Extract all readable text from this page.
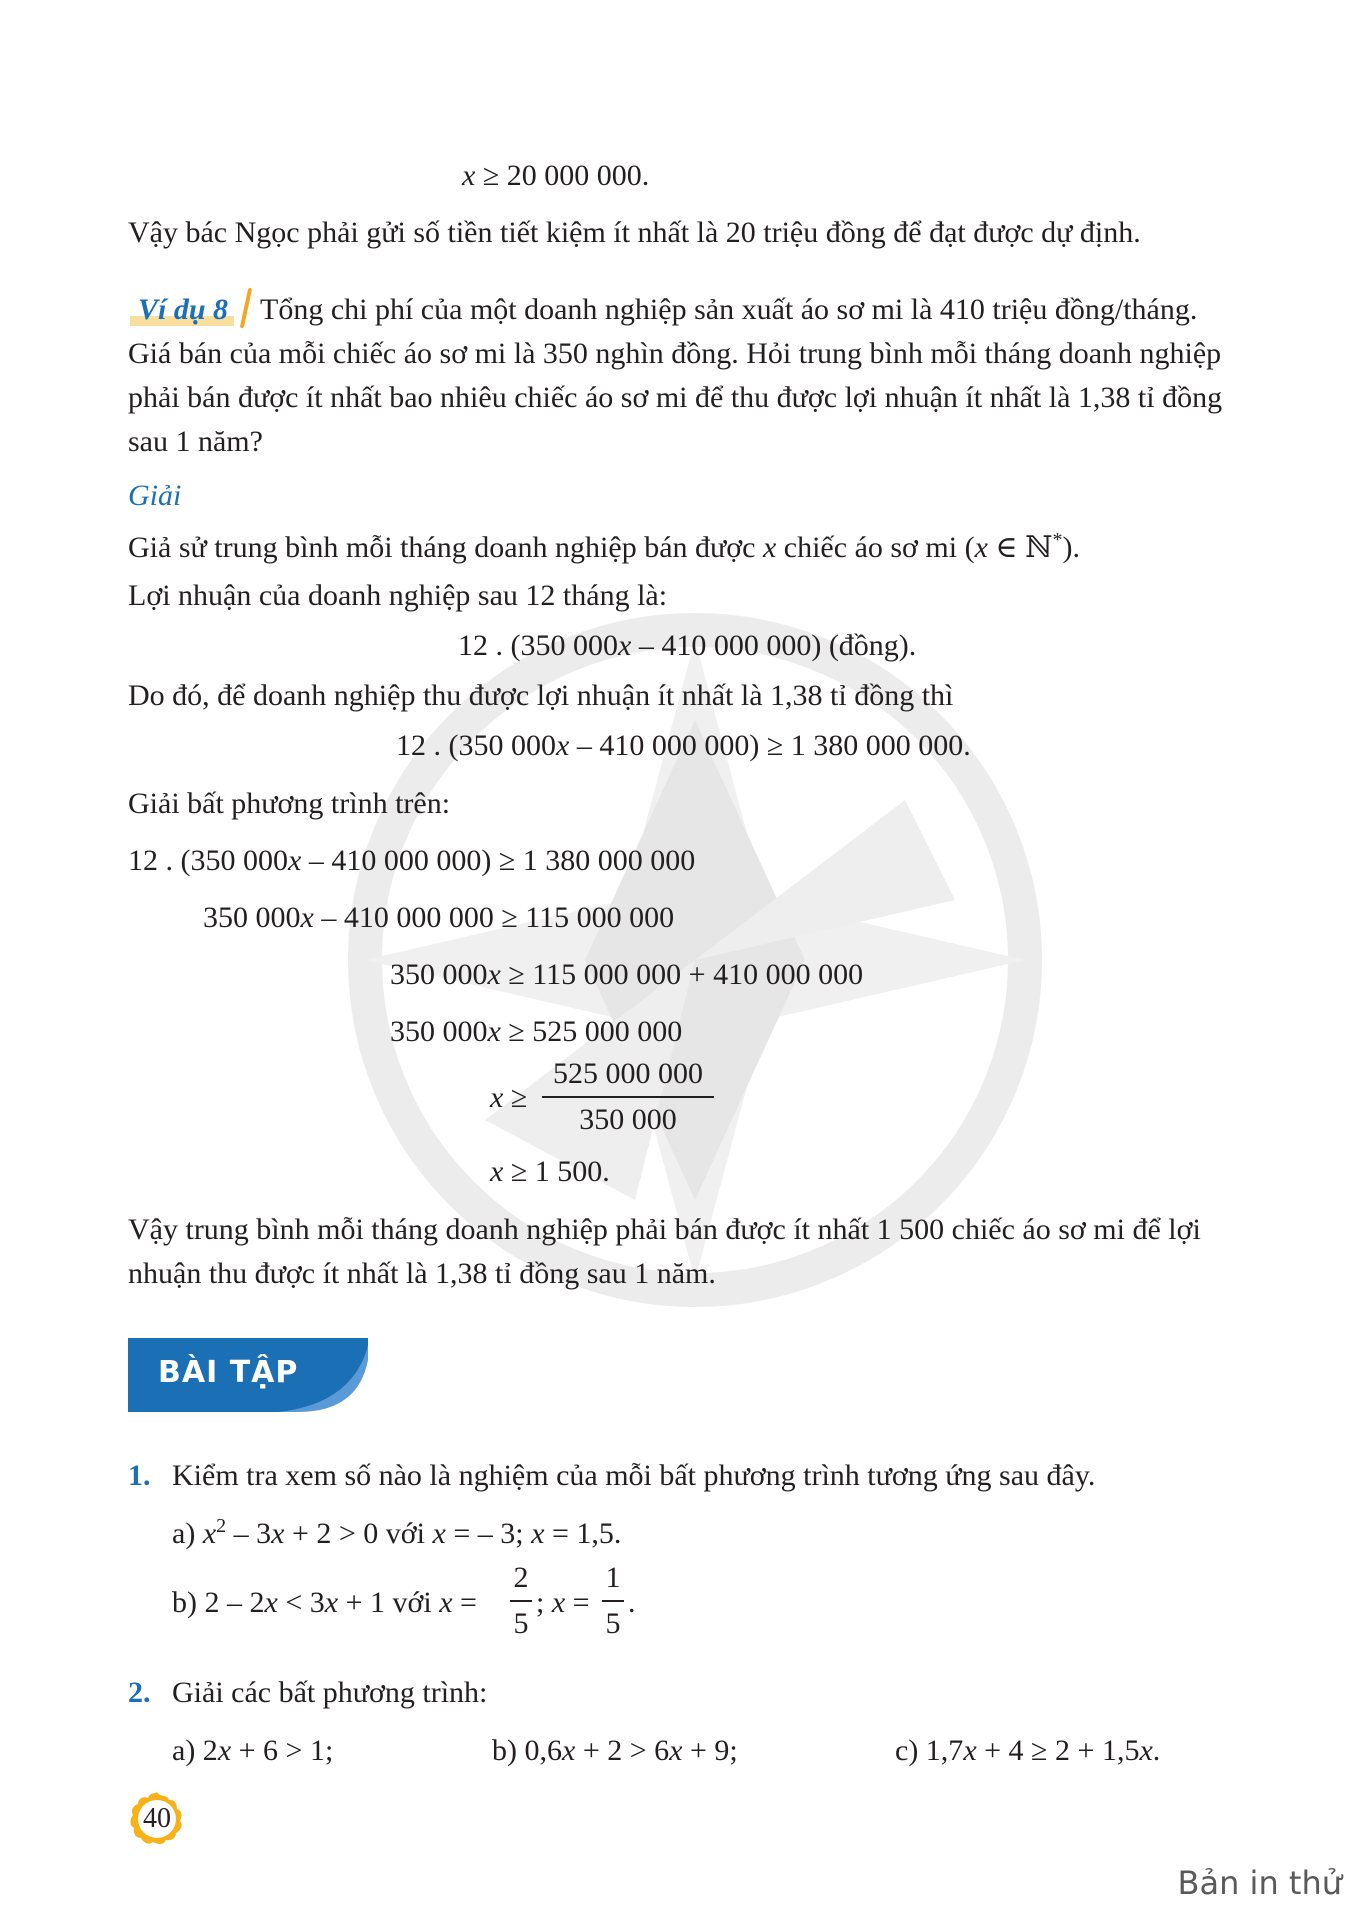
x ≥ 20 000 000.
Vậy bác Ngọc phải gửi số tiền tiết kiệm ít nhất là 20 triệu đồng để đạt được dự định.
Ví dụ 8 Tổng chi phí của một doanh nghiệp sản xuất áo sơ mi là 410 triệu đồng/tháng.
Giá bán của mỗi chiếc áo sơ mi là 350 nghìn đồng. Hỏi trung bình mỗi tháng doanh nghiệp
phải bán được ít nhất bao nhiêu chiếc áo sơ mi để thu được lợi nhuận ít nhất là 1,38 tỉ đồng
sau 1 năm?
Giải
Giả sử trung bình mỗi tháng doanh nghiệp bán được x chiếc áo sơ mi (x ∈ ℕ*).
Lợi nhuận của doanh nghiệp sau 12 tháng là:
12 . (350 000x – 410 000 000) (đồng).
Do đó, để doanh nghiệp thu được lợi nhuận ít nhất là 1,38 tỉ đồng thì
12 . (350 000x – 410 000 000) ≥ 1 380 000 000.
Giải bất phương trình trên:
12 . (350 000x – 410 000 000) ≥ 1 380 000 000
350 000x – 410 000 000 ≥ 115 000 000
350 000x ≥ 115 000 000 + 410 000 000
350 000x ≥ 525 000 000
x ≥
525 000 000
350 000
x ≥ 1 500.
Vậy trung bình mỗi tháng doanh nghiệp phải bán được ít nhất 1 500 chiếc áo sơ mi để lợi
nhuận thu được ít nhất là 1,38 tỉ đồng sau 1 năm.
BÀI TẬP
1. Kiểm tra xem số nào là nghiệm của mỗi bất phương trình tương ứng sau đây.
a) $x^2 - 3x + 2 > 0$ với x = – 3; x = 1,5.
b) 2 – 2x < 3x + 1 với x =
2
5
; x =
1
5
.
2. Giải các bất phương trình:
a) 2x + 6 > 1;	b) 0,6x + 2 > 6x + 9;	c) 1,7x + 4 ≥ 2 + 1,5x.
40
Bản in thử
